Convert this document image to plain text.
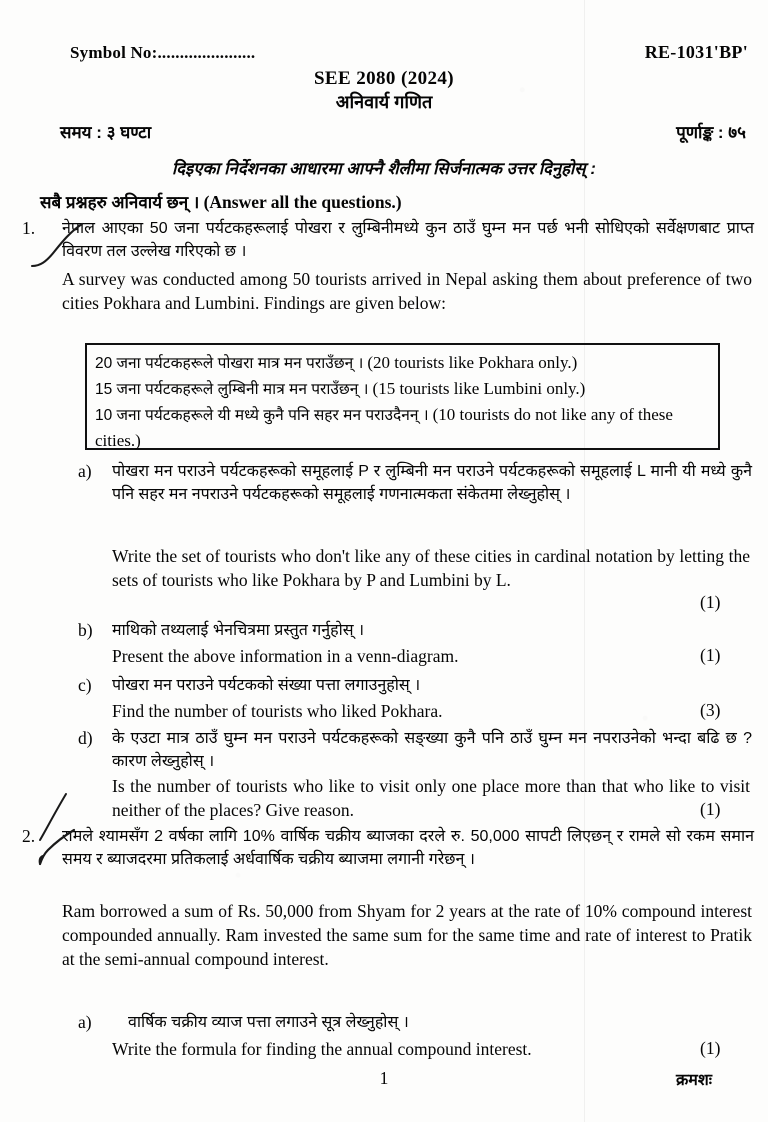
Symbol No:......................	RE-1031'BP'
SEE 2080 (2024)
अनिवार्य गणित
समय : ३ घण्टा	पूर्णाङ्क : ७५
दिइएका निर्देशनका आधारमा आफ्नै शैलीमा सिर्जनात्मक उत्तर दिनुहोस् :
सबै प्रश्नहरु अनिवार्य छन् । (Answer all the questions.)
1. नेपाल आएका 50 जना पर्यटकहरूलाई पोखरा र लुम्बिनीमध्ये कुन ठाउँ घुम्न मन पर्छ भनी सोधिएको सर्वेक्षणबाट प्राप्त विवरण तल उल्लेख गरिएको छ ।
A survey was conducted among 50 tourists arrived in Nepal asking them about preference of two cities Pokhara and Lumbini. Findings are given below:
20 जना पर्यटकहरूले पोखरा मात्र मन पराउँछन् । (20 tourists like Pokhara only.)
15 जना पर्यटकहरूले लुम्बिनी मात्र मन पराउँछन् । (15 tourists like Lumbini only.)
10 जना पर्यटकहरूले यी मध्ये कुनै पनि सहर मन पराउदैनन् । (10 tourists do not like any of these cities.)
a) पोखरा मन पराउने पर्यटकहरूको समूहलाई P र लुम्बिनी मन पराउने पर्यटकहरूको समूहलाई L मानी यी मध्ये कुनै पनि सहर मन नपराउने पर्यटकहरूको समूहलाई गणनात्मकता संकेतमा लेख्नुहोस् ।
Write the set of tourists who don't like any of these cities in cardinal notation by letting the sets of tourists who like Pokhara by P and Lumbini by L.
(1)
b) माथिको तथ्यलाई भेनचित्रमा प्रस्तुत गर्नुहोस् ।
Present the above information in a venn-diagram.	(1)
c) पोखरा मन पराउने पर्यटकको संख्या पत्ता लगाउनुहोस् ।
Find the number of tourists who liked Pokhara.	(3)
d) के एउटा मात्र ठाउँ घुम्न मन पराउने पर्यटकहरूको सङ्ख्या कुनै पनि ठाउँ घुम्न मन नपराउनेको भन्दा बढि छ ? कारण लेख्नुहोस् ।
Is the number of tourists who like to visit only one place more than that who like to visit neither of the places? Give reason.	(1)
2. रामले श्यामसँग 2 वर्षका लागि 10% वार्षिक चक्रीय ब्याजका दरले रु. 50,000 सापटी लिएछन् र रामले सो रकम समान समय र ब्याजदरमा प्रतिकलाई अर्धवार्षिक चक्रीय ब्याजमा लगानी गरेछन् ।
Ram borrowed a sum of Rs. 50,000 from Shyam for 2 years at the rate of 10% compound interest compounded annually. Ram invested the same sum for the same time and rate of interest to Pratik at the semi-annual compound interest.
a) वार्षिक चक्रीय व्याज पत्ता लगाउने सूत्र लेख्नुहोस् ।
Write the formula for finding the annual compound interest.	(1)
1	क्रमशः
